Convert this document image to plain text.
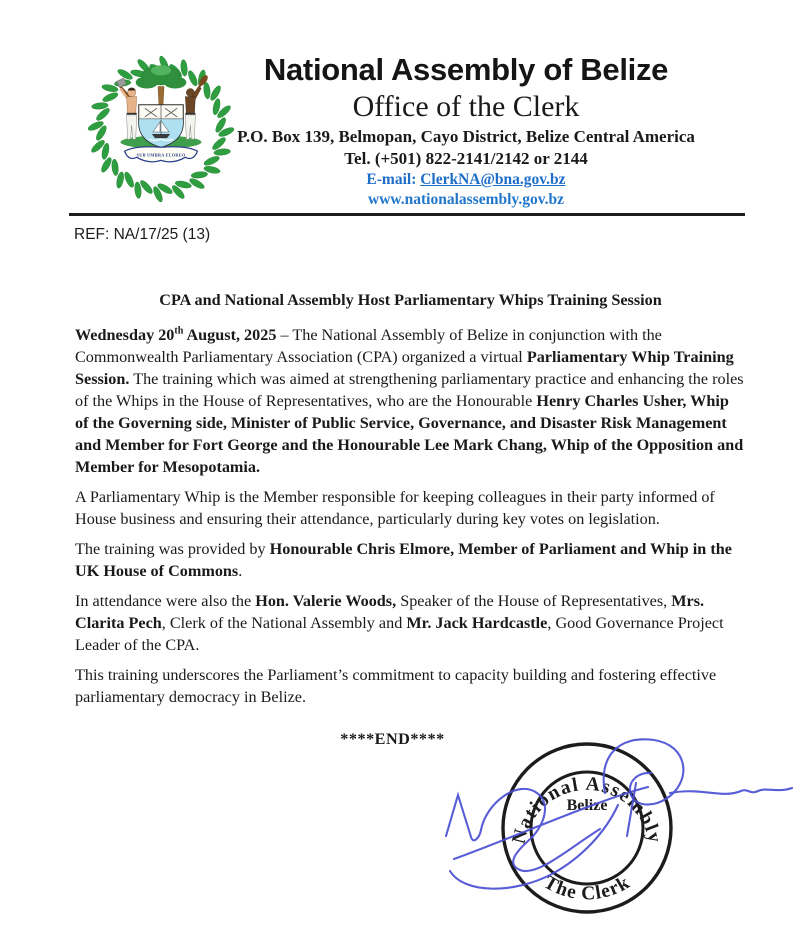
SUB UMBRA FLOREO
National Assembly of Belize
Office of the Clerk
P.O. Box 139, Belmopan, Cayo District, Belize Central America
Tel. (+501) 822-2141/2142 or 2144
E-mail: ClerkNA@bna.gov.bz
www.nationalassembly.gov.bz
REF: NA/17/25 (13)
CPA and National Assembly Host Parliamentary Whips Training Session

Wednesday 20th August, 2025 – The National Assembly of Belize in conjunction with the Commonwealth Parliamentary Association (CPA) organized a virtual Parliamentary Whip Training Session. The training which was aimed at strengthening parliamentary practice and enhancing the roles of the Whips in the House of Representatives, who are the Honourable Henry Charles Usher, Whip of the Governing side, Minister of Public Service, Governance, and Disaster Risk Management and Member for Fort George and the Honourable Lee Mark Chang, Whip of the Opposition and Member for Mesopotamia.

A Parliamentary Whip is the Member responsible for keeping colleagues in their party informed of House business and ensuring their attendance, particularly during key votes on legislation.

The training was provided by Honourable Chris Elmore, Member of Parliament and Whip in the UK House of Commons.

In attendance were also the Hon. Valerie Woods, Speaker of the House of Representatives, Mrs. Clarita Pech, Clerk of the National Assembly and Mr. Jack Hardcastle, Good Governance Project Leader of the CPA.

This training underscores the Parliament’s commitment to capacity building and fostering effective parliamentary democracy in Belize.

****END****
National Assembly
The Clerk
Belize
